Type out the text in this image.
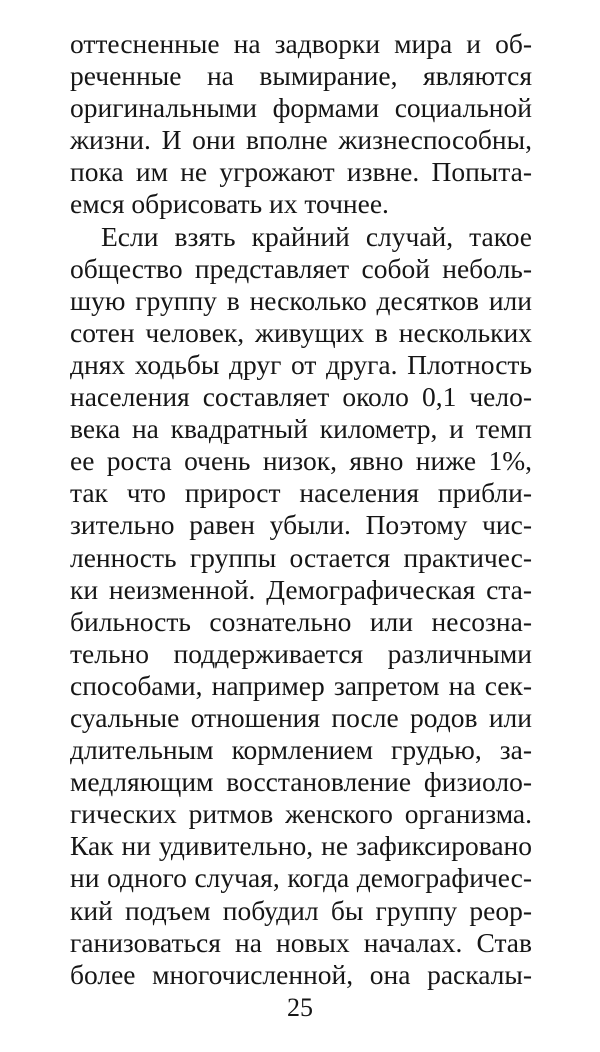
оттесненные на задворки мира и об-
реченные на вымирание, являются
оригинальными формами социальной
жизни. И они вполне жизнеспособны,
пока им не угрожают извне. Попыта-
емся обрисовать их точнее.
Если взять крайний случай, такое
общество представляет собой неболь-
шую группу в несколько десятков или
сотен человек, живущих в нескольких
днях ходьбы друг от друга. Плотность
населения составляет около 0,1 чело-
века на квадратный километр, и темп
ее роста очень низок, явно ниже 1%,
так что прирост населения прибли-
зительно равен убыли. Поэтому чис-
ленность группы остается практичес-
ки неизменной. Демографическая ста-
бильность сознательно или несозна-
тельно поддерживается различными
способами, например запретом на сек-
суальные отношения после родов или
длительным кормлением грудью, за-
медляющим восстановление физиоло-
гических ритмов женского организма.
Как ни удивительно, не зафиксировано
ни одного случая, когда демографичес-
кий подъем побудил бы группу реор-
ганизоваться на новых началах. Став
более многочисленной, она раскалы-
25
